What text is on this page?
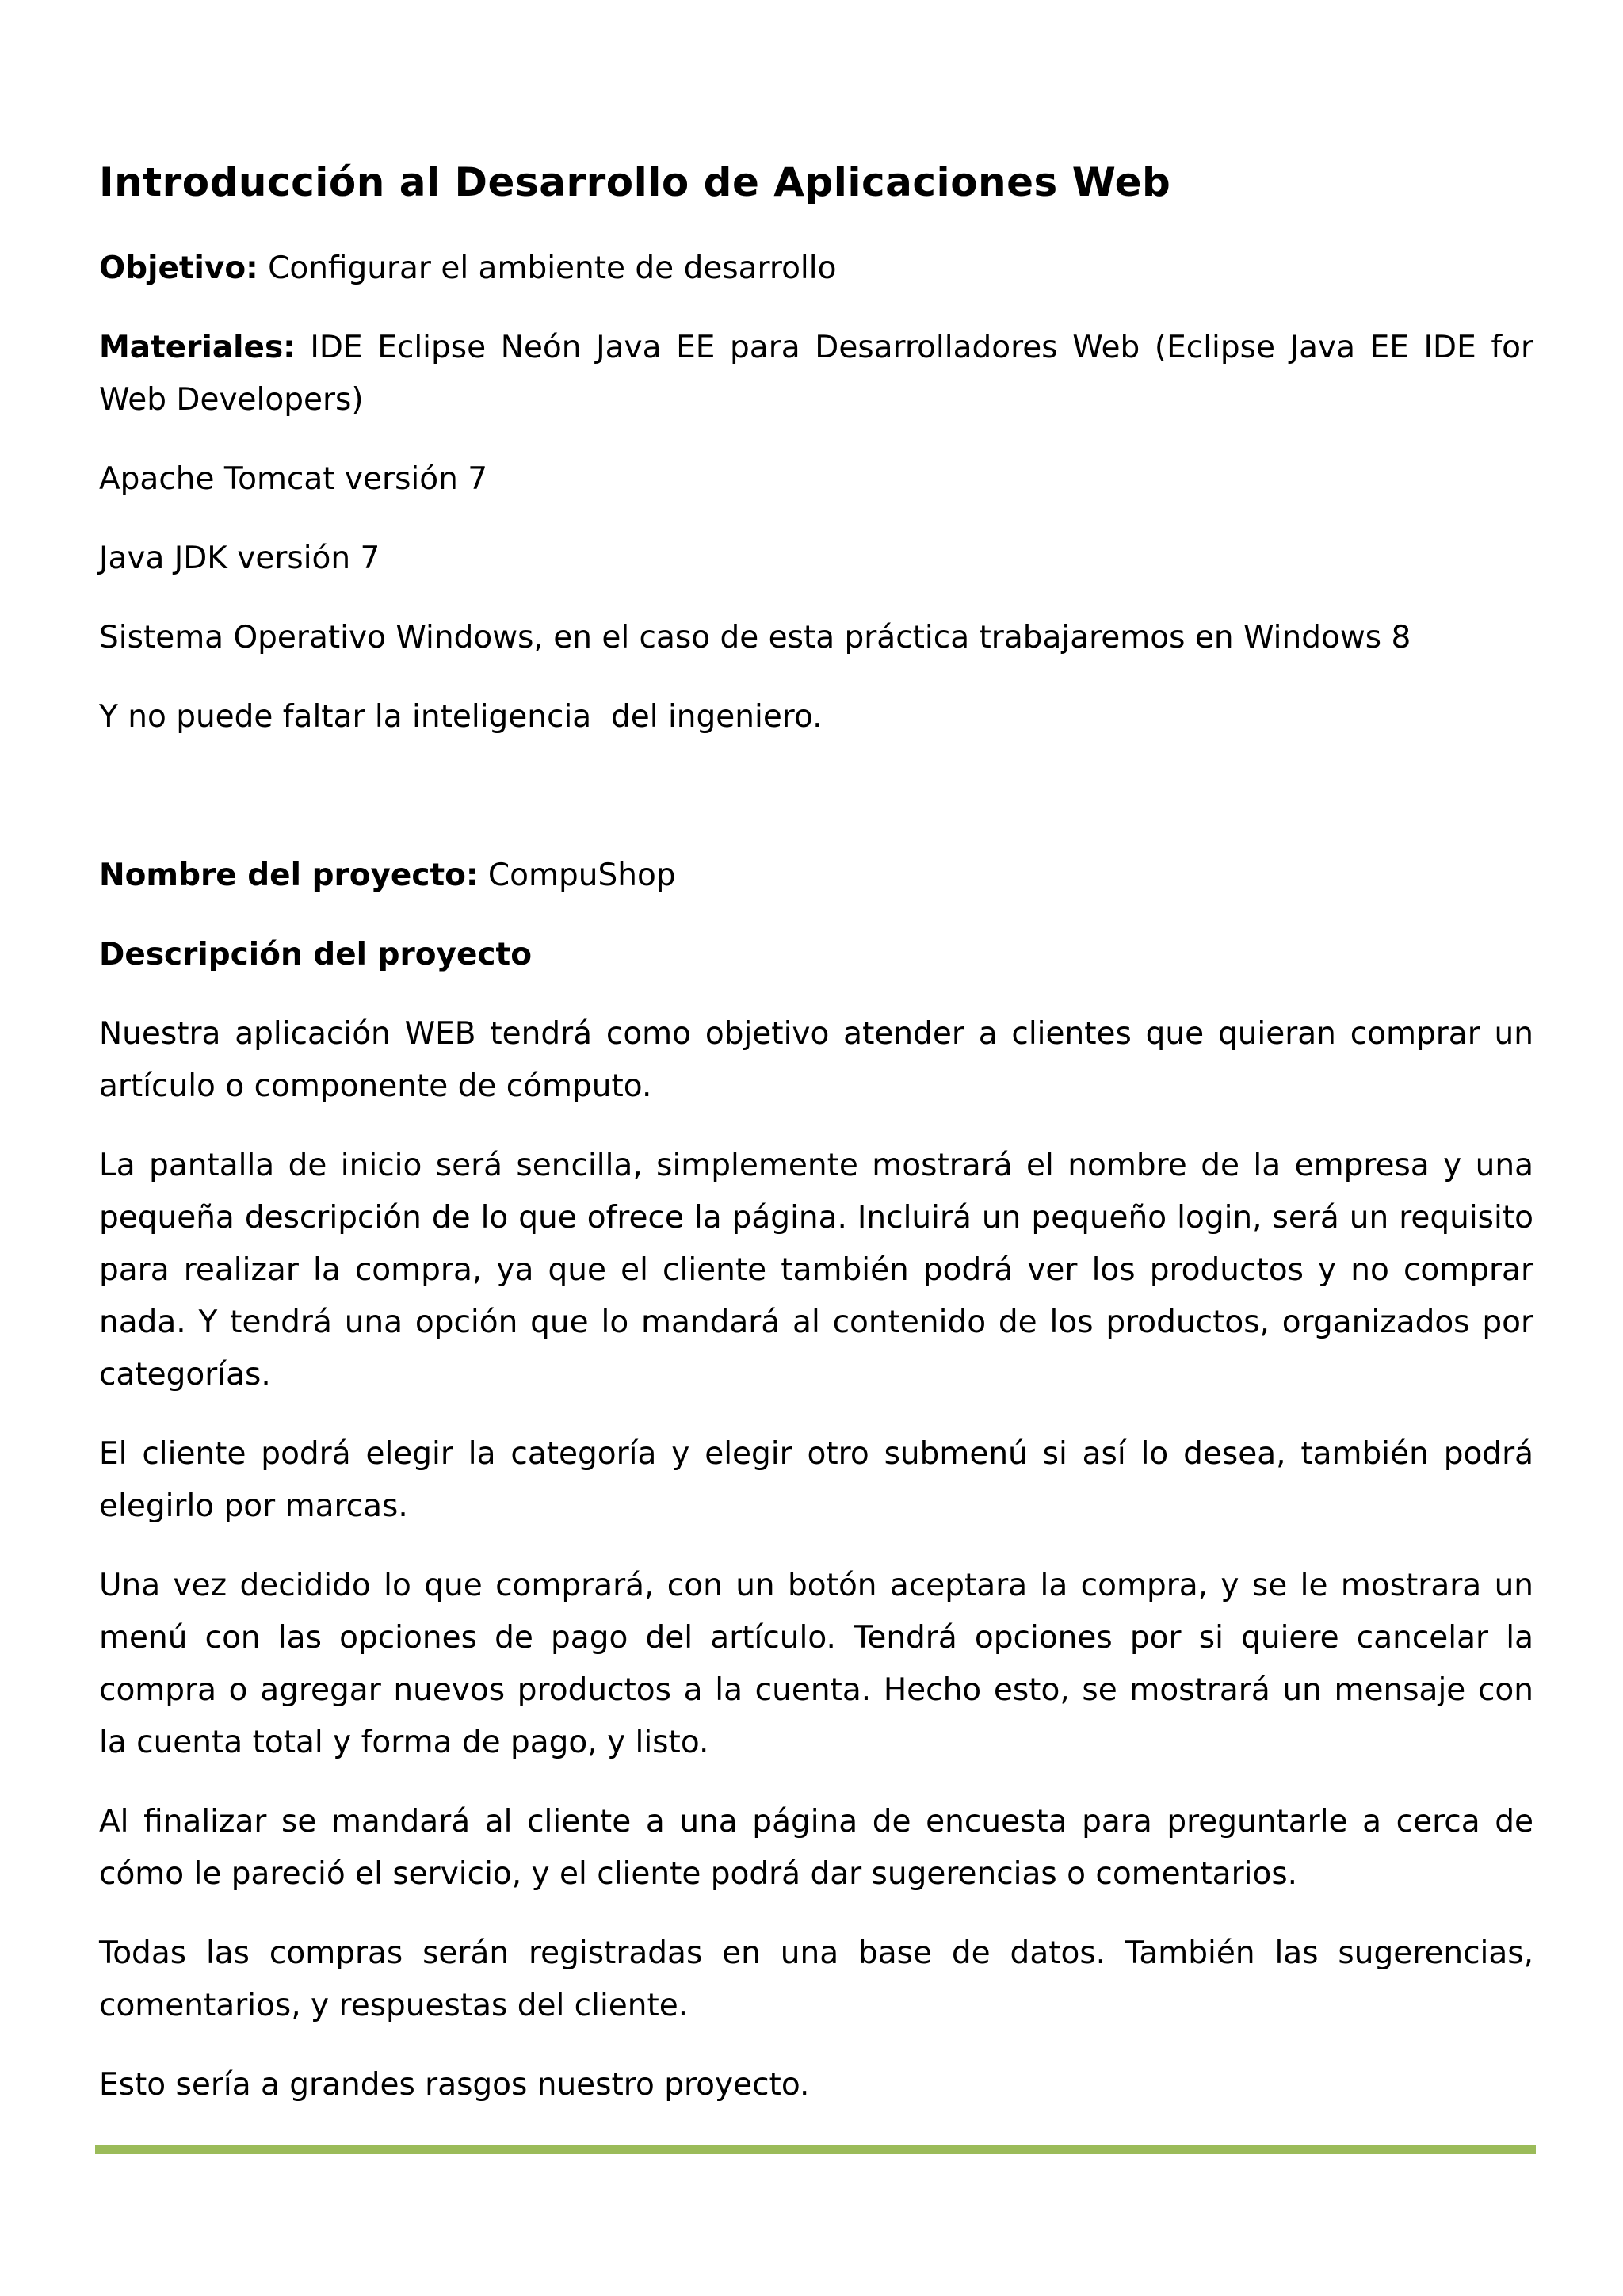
Introducción al Desarrollo de Aplicaciones Web

Objetivo: Configurar el ambiente de desarrollo

Materiales: IDE Eclipse Neón Java EE para Desarrolladores Web (Eclipse Java EE IDE for Web Developers)

Apache Tomcat versión 7

Java JDK versión 7

Sistema Operativo Windows, en el caso de esta práctica trabajaremos en Windows 8

Y no puede faltar la inteligencia  del ingeniero.

Nombre del proyecto: CompuShop

Descripción del proyecto

Nuestra aplicación WEB tendrá como objetivo atender a clientes que quieran comprar un artículo o componente de cómputo.

La pantalla de inicio será sencilla, simplemente mostrará el nombre de la empresa y una pequeña descripción de lo que ofrece la página. Incluirá un pequeño login, será un requisito para realizar la compra, ya que el cliente también podrá ver los productos y no comprar nada. Y tendrá una opción que lo mandará al contenido de los productos, organizados por categorías.

El cliente podrá elegir la categoría y elegir otro submenú si así lo desea, también podrá elegirlo por marcas.

Una vez decidido lo que comprará, con un botón aceptara la compra, y se le mostrara un menú con las opciones de pago del artículo. Tendrá opciones por si quiere cancelar la compra o agregar nuevos productos a la cuenta. Hecho esto, se mostrará un mensaje con la cuenta total y forma de pago, y listo.

Al finalizar se mandará al cliente a una página de encuesta para preguntarle a cerca de cómo le pareció el servicio, y el cliente podrá dar sugerencias o comentarios.

Todas las compras serán registradas en una base de datos. También las sugerencias, comentarios, y respuestas del cliente.

Esto sería a grandes rasgos nuestro proyecto.
